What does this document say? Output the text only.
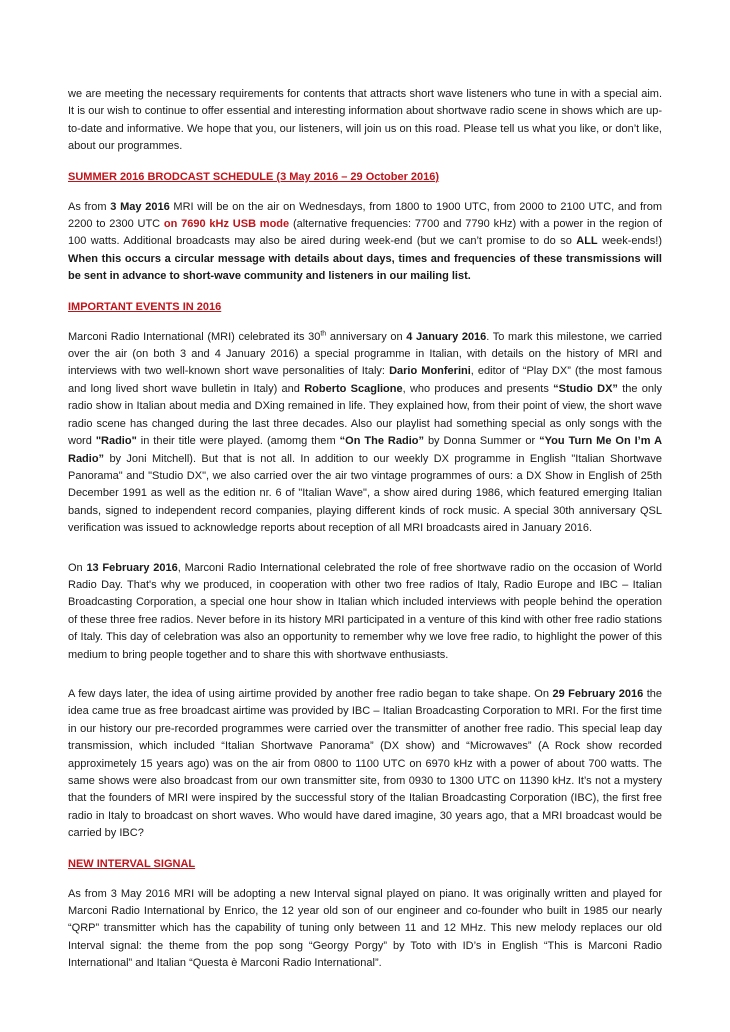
we are meeting the necessary requirements for contents that attracts short wave listeners who tune in with a special aim. It is our wish to continue to offer essential and interesting information about shortwave radio scene in shows which are up-to-date and informative. We hope that you, our listeners, will join us on this road. Please tell us what you like, or don’t like, about our programmes.

SUMMER 2016 BRODCAST SCHEDULE (3 May 2016 – 29 October 2016)

As from 3 May 2016 MRI will be on the air on Wednesdays, from 1800 to 1900 UTC, from 2000 to 2100 UTC, and from 2200 to 2300 UTC on 7690 kHz USB mode (alternative frequencies: 7700 and 7790 kHz) with a power in the region of 100 watts. Additional broadcasts may also be aired during week-end (but we can’t promise to do so ALL week-ends!) When this occurs a circular message with details about days, times and frequencies of these transmissions will be sent in advance to short-wave community and listeners in our mailing list.

IMPORTANT EVENTS IN 2016

Marconi Radio International (MRI) celebrated its 30th anniversary on 4 January 2016. To mark this milestone, we carried over the air (on both 3 and 4 January 2016) a special programme in Italian, with details on the history of MRI and interviews with two well-known short wave personalities of Italy: Dario Monferini, editor of “Play DX” (the most famous and long lived short wave bulletin in Italy) and Roberto Scaglione, who produces and presents “Studio DX” the only radio show in Italian about media and DXing remained in life. They explained how, from their point of view, the short wave radio scene has changed during the last three decades. Also our playlist had something special as only songs with the word "Radio" in their title were played. (amomg them “On The Radio” by Donna Summer or “You Turn Me On I’m A Radio” by Joni Mitchell). But that is not all. In addition to our weekly DX programme in English "Italian Shortwave Panorama" and "Studio DX", we also carried over the air two vintage programmes of ours: a DX Show in English of 25th December 1991 as well as the edition nr. 6 of "Italian Wave", a show aired during 1986, which featured emerging Italian bands, signed to independent record companies, playing different kinds of rock music. A special 30th anniversary QSL verification was issued to acknowledge reports about reception of all MRI broadcasts aired in January 2016.

On 13 February 2016, Marconi Radio International celebrated the role of free shortwave radio on the occasion of World Radio Day. That's why we produced, in cooperation with other two free radios of Italy, Radio Europe and IBC – Italian Broadcasting Corporation, a special one hour show in Italian which included interviews with people behind the operation of these three free radios. Never before in its history MRI participated in a venture of this kind with other free radio stations of Italy. This day of celebration was also an opportunity to remember why we love free radio, to highlight the power of this medium to bring people together and to share this with shortwave enthusiasts.

A few days later, the idea of using airtime provided by another free radio began to take shape. On 29 February 2016 the idea came true as free broadcast airtime was provided by IBC – Italian Broadcasting Corporation to MRI. For the first time in our history our pre-recorded programmes were carried over the transmitter of another free radio. This special leap day transmission, which included “Italian Shortwave Panorama” (DX show) and “Microwaves” (A Rock show recorded approximetely 15 years ago) was on the air from 0800 to 1100 UTC on 6970 kHz with a power of about 700 watts. The same shows were also broadcast from our own transmitter site, from 0930 to 1300 UTC on 11390 kHz. It’s not a mystery that the founders of MRI were inspired by the successful story of the Italian Broadcasting Corporation (IBC), the first free radio in Italy to broadcast on short waves. Who would have dared imagine, 30 years ago, that a MRI broadcast would be carried by IBC?

NEW INTERVAL SIGNAL

As from 3 May 2016 MRI will be adopting a new Interval signal played on piano. It was originally written and played for Marconi Radio International by Enrico, the 12 year old son of our engineer and co-founder who built in 1985 our nearly “QRP” transmitter which has the capability of tuning only between 11 and 12 MHz. This new melody replaces our old Interval signal: the theme from the pop song “Georgy Porgy” by Toto with ID’s in English “This is Marconi Radio International” and Italian “Questa è Marconi Radio International”.
